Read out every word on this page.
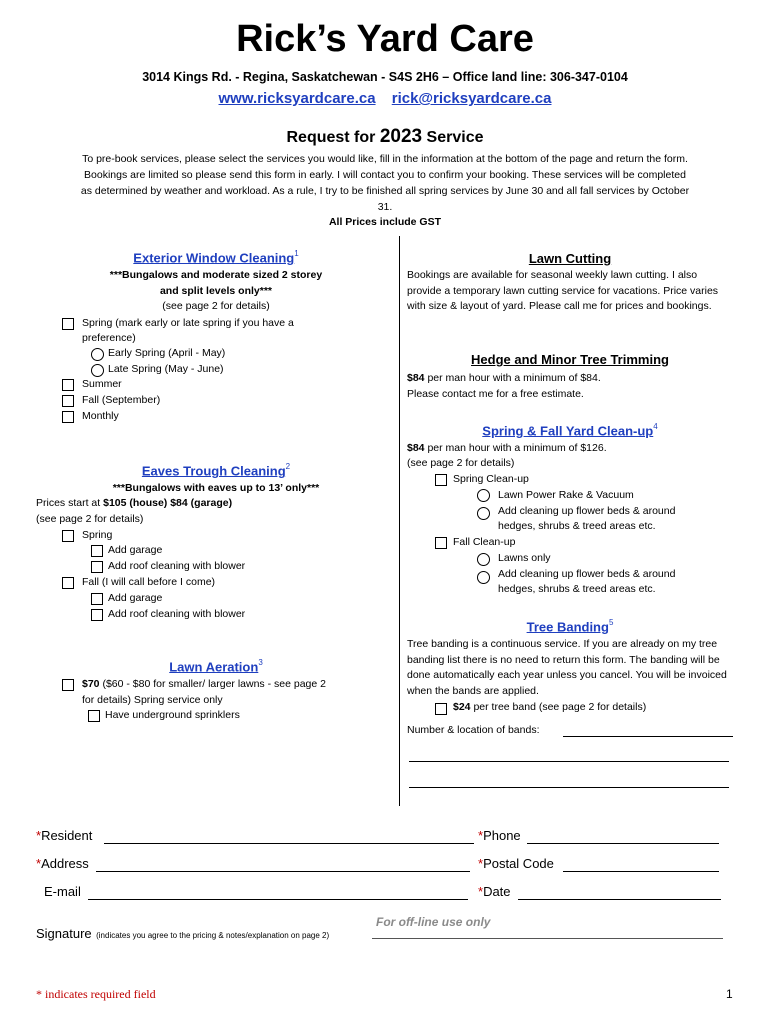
Rick’s Yard Care
3014 Kings Rd. - Regina, Saskatchewan - S4S 2H6 – Office land line: 306-347-0104
www.ricksyardcare.ca rick@ricksyardcare.ca
Request for 2023 Service
To pre-book services, please select the services you would like, fill in the information at the bottom of the page and return the form. Bookings are limited so please send this form in early. I will contact you to confirm your booking. These services will be completed as determined by weather and workload. As a rule, I try to be finished all spring services by June 30 and all fall services by October 31.
All Prices include GST
Exterior Window Cleaning$^1$
***Bungalows and moderate sized 2 storey
and split levels only***
(see page 2 for details)
Spring (mark early or late spring if you have a
preference)
Early Spring (April - May)
Late Spring (May - June)
Summer
Fall (September)
Monthly
Eaves Trough Cleaning$^2$
***Bungalows with eaves up to 13’ only***
Prices start at $105 (house) $84 (garage)
(see page 2 for details)
Spring
Add garage
Add roof cleaning with blower
Fall (I will call before I come)
Add garage
Add roof cleaning with blower
Lawn Aeration$^3$
$70 ($60 - $80 for smaller/ larger lawns - see page 2
for details) Spring service only
Have underground sprinklers
Lawn Cutting
Bookings are available for seasonal weekly lawn cutting. I also provide a temporary lawn cutting service for vacations. Price varies with size & layout of yard. Please call me for prices and bookings.
Hedge and Minor Tree Trimming
$84 per man hour with a minimum of $84.
Please contact me for a free estimate.
Spring & Fall Yard Clean-$up^4$
$84 per man hour with a minimum of $126.
(see page 2 for details)
Spring Clean-up
Lawn Power Rake & Vacuum
Add cleaning up flower beds & around
hedges, shrubs & treed areas etc.
Fall Clean-up
Lawns only
Add cleaning up flower beds & around
hedges, shrubs & treed areas etc.
Tree Banding$^5$
Tree banding is a continuous service. If you are already on my tree banding list there is no need to return this form. The banding will be done automatically each year unless you cancel. You will be invoiced when the bands are applied.
$24 per tree band (see page 2 for details)
Number & location of bands:
*Resident	*Phone
*Address	*Postal Code
E-mail	*Date
For off-line use only
Signature (indicates you agree to the pricing & notes/explanation on page 2)
* indicates required field	1
